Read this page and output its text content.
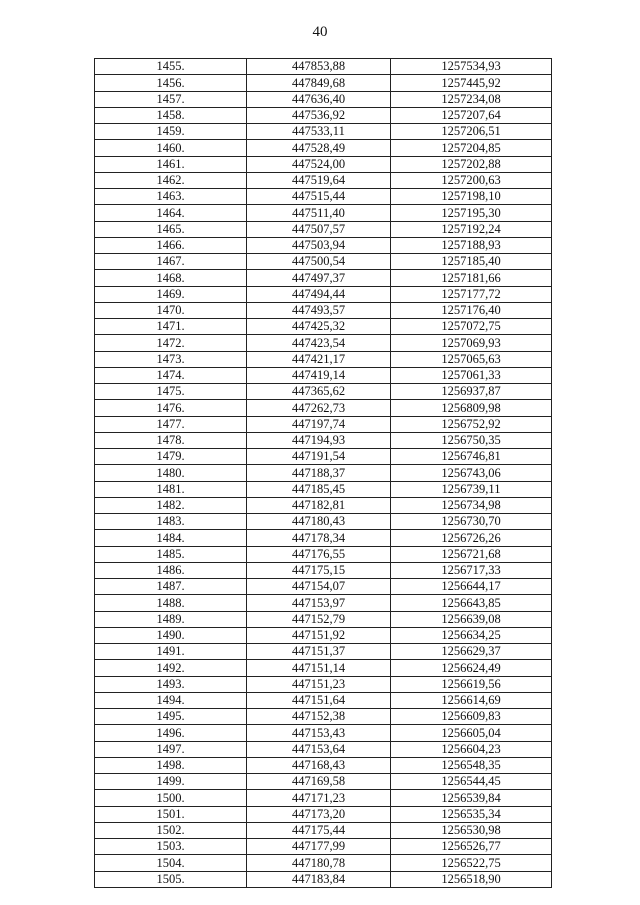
40
1455.	447853,88	1257534,93
1456.	447849,68	1257445,92
1457.	447636,40	1257234,08
1458.	447536,92	1257207,64
1459.	447533,11	1257206,51
1460.	447528,49	1257204,85
1461.	447524,00	1257202,88
1462.	447519,64	1257200,63
1463.	447515,44	1257198,10
1464.	447511,40	1257195,30
1465.	447507,57	1257192,24
1466.	447503,94	1257188,93
1467.	447500,54	1257185,40
1468.	447497,37	1257181,66
1469.	447494,44	1257177,72
1470.	447493,57	1257176,40
1471.	447425,32	1257072,75
1472.	447423,54	1257069,93
1473.	447421,17	1257065,63
1474.	447419,14	1257061,33
1475.	447365,62	1256937,87
1476.	447262,73	1256809,98
1477.	447197,74	1256752,92
1478.	447194,93	1256750,35
1479.	447191,54	1256746,81
1480.	447188,37	1256743,06
1481.	447185,45	1256739,11
1482.	447182,81	1256734,98
1483.	447180,43	1256730,70
1484.	447178,34	1256726,26
1485.	447176,55	1256721,68
1486.	447175,15	1256717,33
1487.	447154,07	1256644,17
1488.	447153,97	1256643,85
1489.	447152,79	1256639,08
1490.	447151,92	1256634,25
1491.	447151,37	1256629,37
1492.	447151,14	1256624,49
1493.	447151,23	1256619,56
1494.	447151,64	1256614,69
1495.	447152,38	1256609,83
1496.	447153,43	1256605,04
1497.	447153,64	1256604,23
1498.	447168,43	1256548,35
1499.	447169,58	1256544,45
1500.	447171,23	1256539,84
1501.	447173,20	1256535,34
1502.	447175,44	1256530,98
1503.	447177,99	1256526,77
1504.	447180,78	1256522,75
1505.	447183,84	1256518,90
